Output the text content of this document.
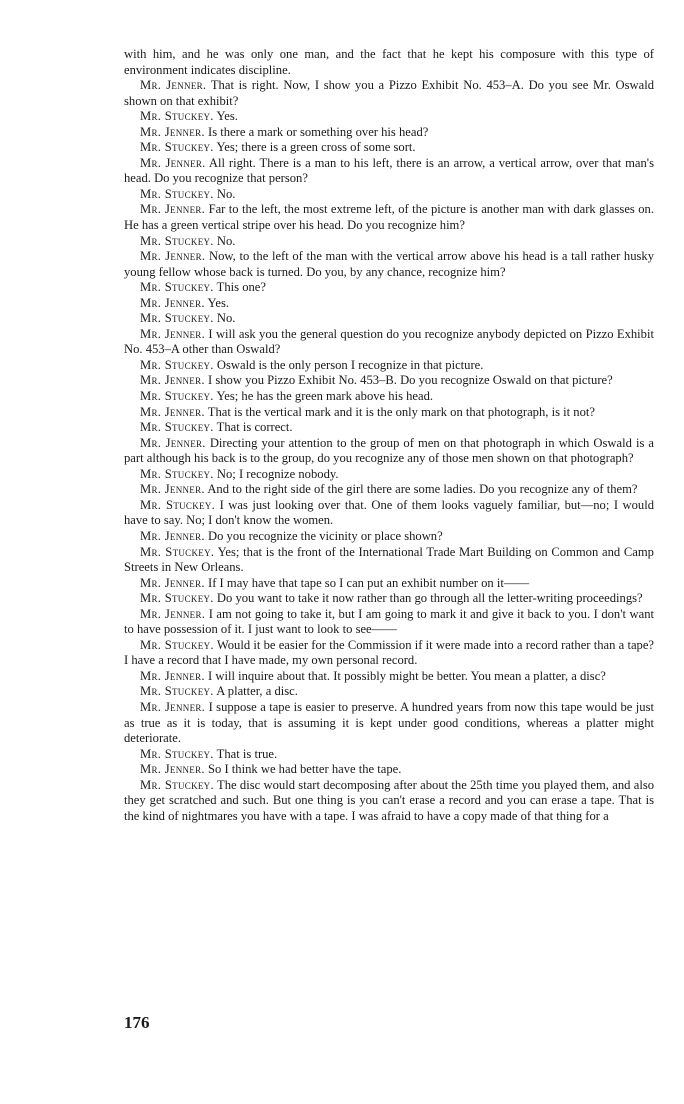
with him, and he was only one man, and the fact that he kept his composure with this type of environment indicates discipline.

Mr. Jenner. That is right. Now, I show you a Pizzo Exhibit No. 453–A. Do you see Mr. Oswald shown on that exhibit?

Mr. Stuckey. Yes.

Mr. Jenner. Is there a mark or something over his head?

Mr. Stuckey. Yes; there is a green cross of some sort.

Mr. Jenner. All right. There is a man to his left, there is an arrow, a vertical arrow, over that man's head. Do you recognize that person?

Mr. Stuckey. No.

Mr. Jenner. Far to the left, the most extreme left, of the picture is another man with dark glasses on. He has a green vertical stripe over his head. Do you recognize him?

Mr. Stuckey. No.

Mr. Jenner. Now, to the left of the man with the vertical arrow above his head is a tall rather husky young fellow whose back is turned. Do you, by any chance, recognize him?

Mr. Stuckey. This one?

Mr. Jenner. Yes.

Mr. Stuckey. No.

Mr. Jenner. I will ask you the general question do you recognize anybody depicted on Pizzo Exhibit No. 453–A other than Oswald?

Mr. Stuckey. Oswald is the only person I recognize in that picture.

Mr. Jenner. I show you Pizzo Exhibit No. 453–B. Do you recognize Oswald on that picture?

Mr. Stuckey. Yes; he has the green mark above his head.

Mr. Jenner. That is the vertical mark and it is the only mark on that photograph, is it not?

Mr. Stuckey. That is correct.

Mr. Jenner. Directing your attention to the group of men on that photograph in which Oswald is a part although his back is to the group, do you recognize any of those men shown on that photograph?

Mr. Stuckey. No; I recognize nobody.

Mr. Jenner. And to the right side of the girl there are some ladies. Do you recognize any of them?

Mr. Stuckey. I was just looking over that. One of them looks vaguely familiar, but—no; I would have to say. No; I don't know the women.

Mr. Jenner. Do you recognize the vicinity or place shown?

Mr. Stuckey. Yes; that is the front of the International Trade Mart Building on Common and Camp Streets in New Orleans.

Mr. Jenner. If I may have that tape so I can put an exhibit number on it——

Mr. Stuckey. Do you want to take it now rather than go through all the letter-writing proceedings?

Mr. Jenner. I am not going to take it, but I am going to mark it and give it back to you. I don't want to have possession of it. I just want to look to see——

Mr. Stuckey. Would it be easier for the Commission if it were made into a record rather than a tape? I have a record that I have made, my own personal record.

Mr. Jenner. I will inquire about that. It possibly might be better. You mean a platter, a disc?

Mr. Stuckey. A platter, a disc.

Mr. Jenner. I suppose a tape is easier to preserve. A hundred years from now this tape would be just as true as it is today, that is assuming it is kept under good conditions, whereas a platter might deteriorate.

Mr. Stuckey. That is true.

Mr. Jenner. So I think we had better have the tape.

Mr. Stuckey. The disc would start decomposing after about the 25th time you played them, and also they get scratched and such. But one thing is you can't erase a record and you can erase a tape. That is the kind of nightmares you have with a tape. I was afraid to have a copy made of that thing for a

176
